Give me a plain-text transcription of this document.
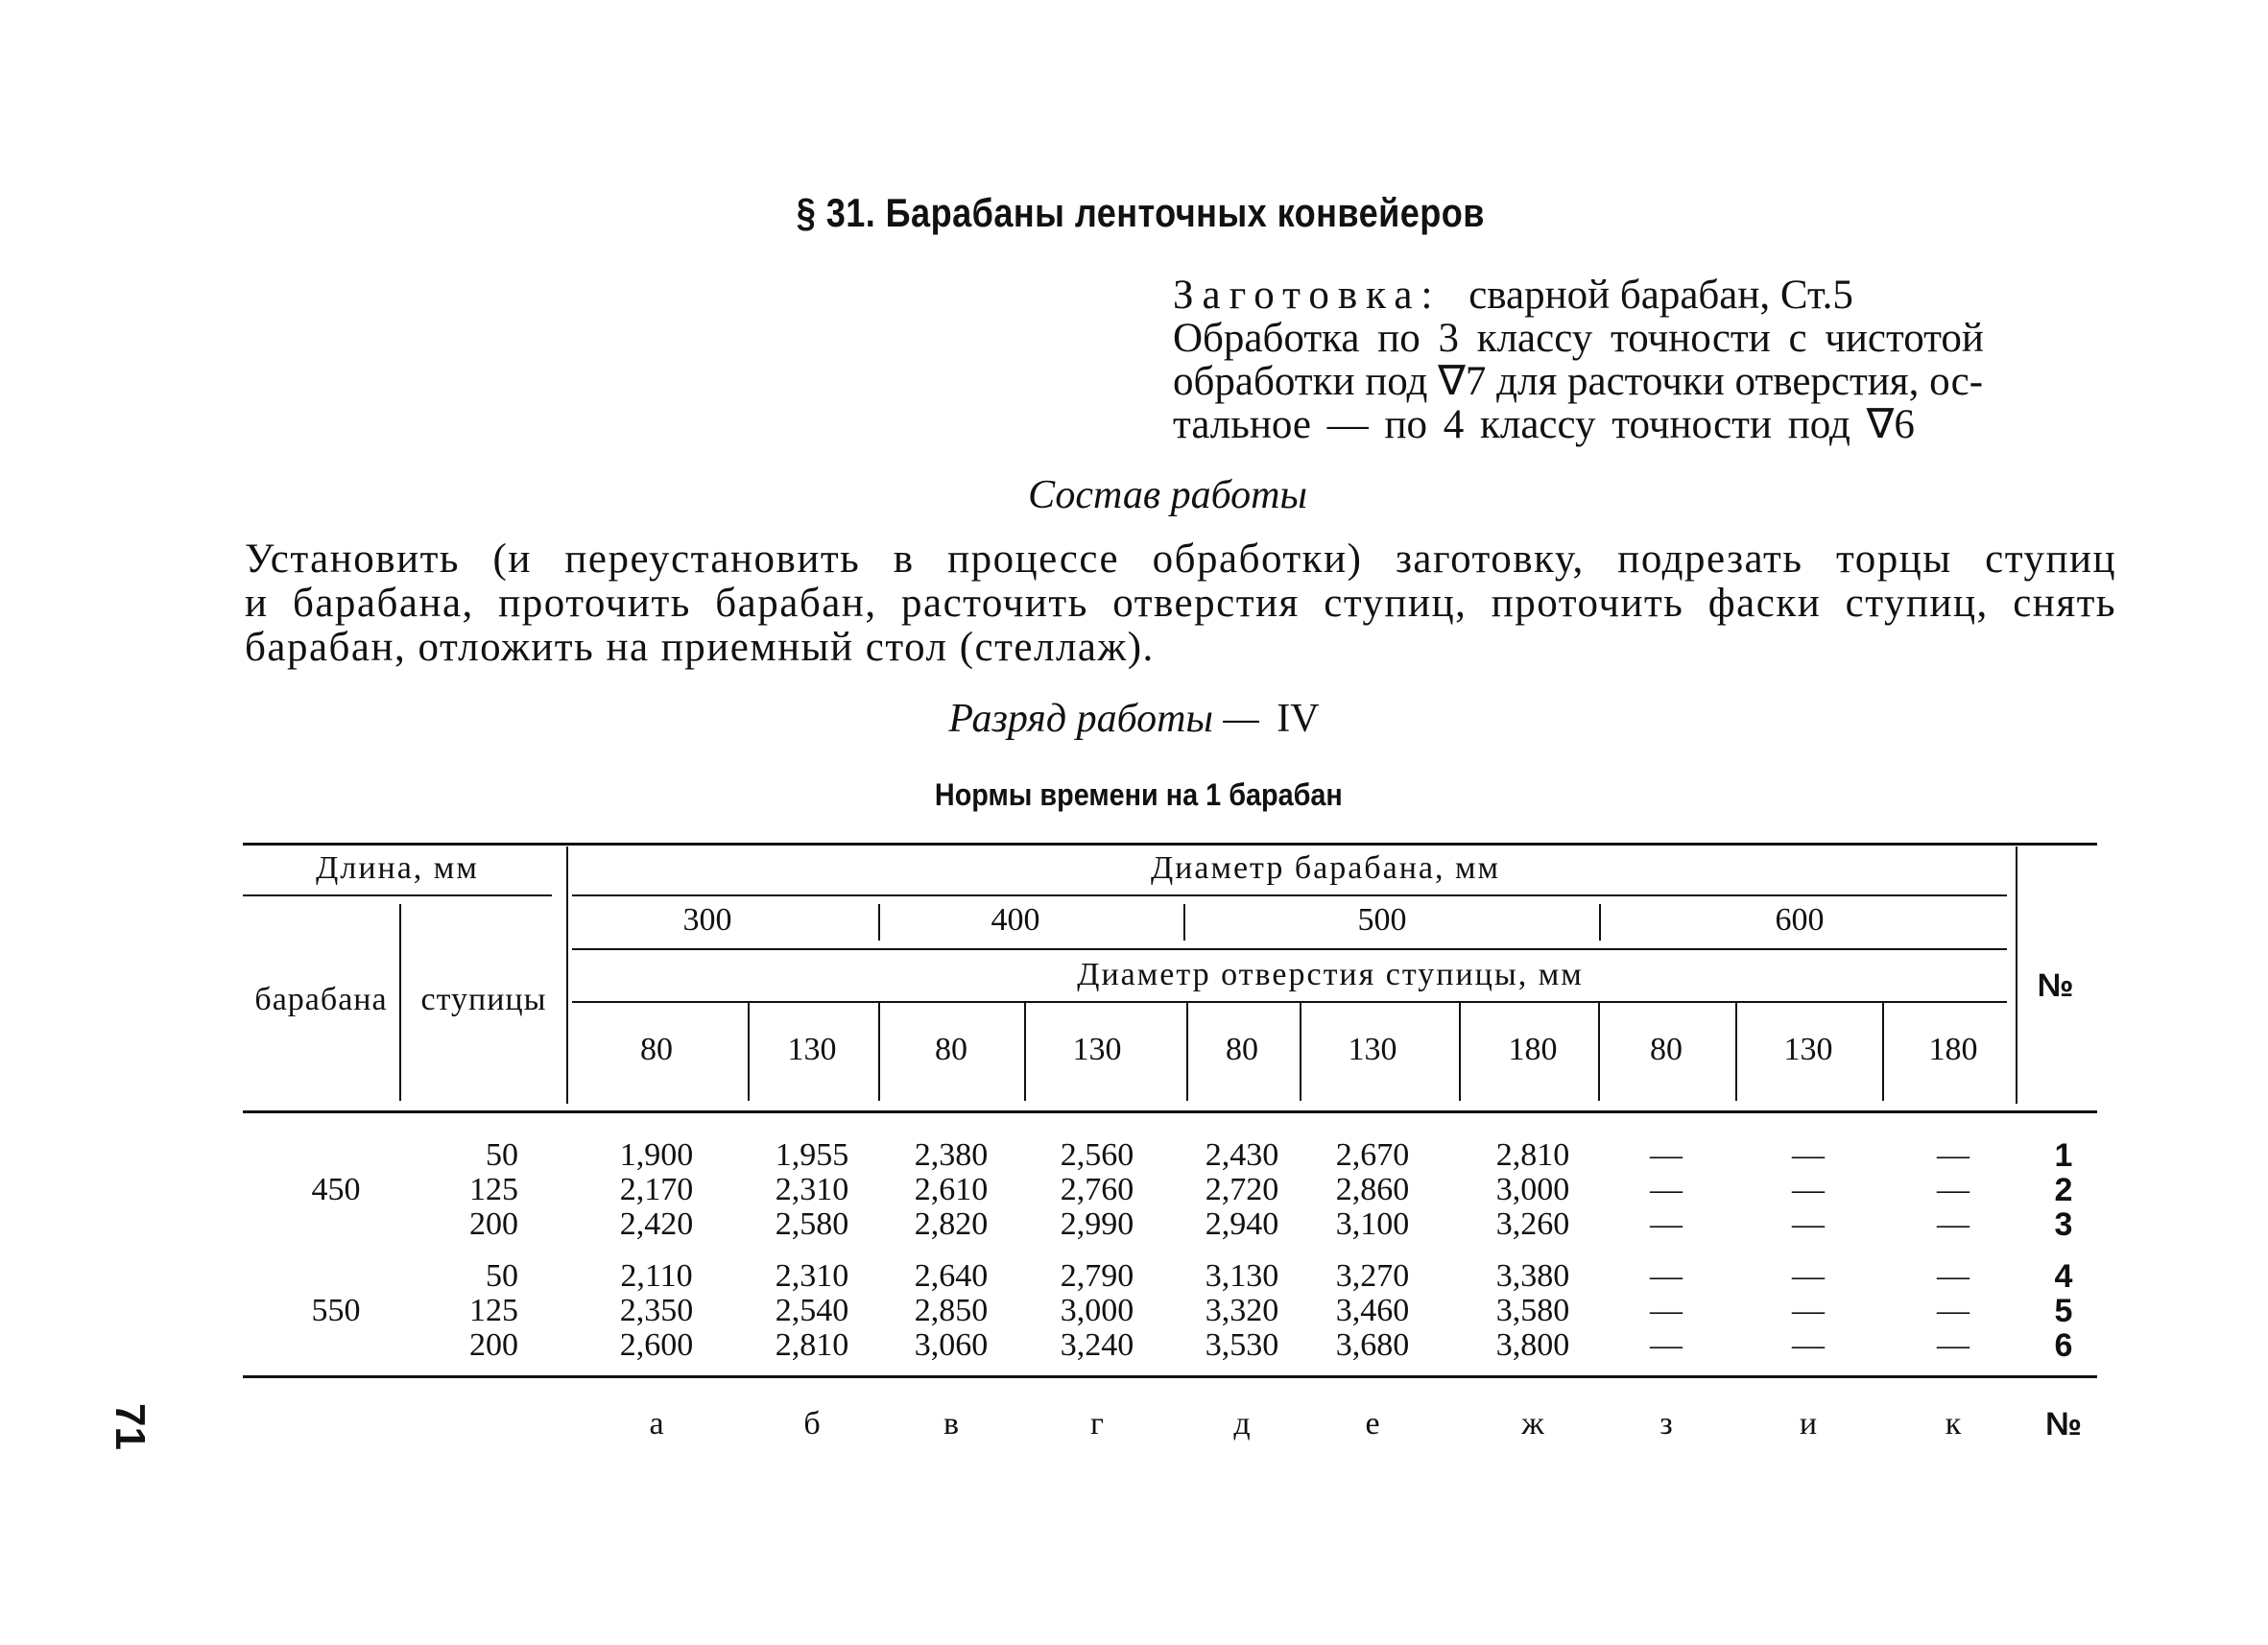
§ 31. Барабаны ленточных конвейеров
Заготовка: сварной барабан, Ст.5
Обработка по 3 классу точности с чистотой
обработки под ∇7 для расточки отверстия, ос-
тальное — по 4 классу точности под ∇6
Состав работы
Установить (и переустановить в процессе обработки) заготовку, подрезать торцы ступиц
и барабана, проточить барабан, расточить отверстия ступиц, проточить фаски ступиц, снять
барабан, отложить на приемный стол (стеллаж).
Разряд работы — IV
Нормы времени на 1 барабан
Длина, мм
барабана	ступицы
Диаметр барабана, мм
Диаметр отверстия ступицы, мм	№
300	400	500	600
80	130	80	130	80	130	180	80	130	180
450
50	1,900	1,955	2,380	2,560	2,430	2,670	2,810	—	—	—	1
125	2,170	2,310	2,610	2,760	2,720	2,860	3,000	—	—	—	2
200	2,420	2,580	2,820	2,990	2,940	3,100	3,260	—	—	—	3
550
50	2,110	2,310	2,640	2,790	3,130	3,270	3,380	—	—	—	4
125	2,350	2,540	2,850	3,000	3,320	3,460	3,580	—	—	—	5
200	2,600	2,810	3,060	3,240	3,530	3,680	3,800	—	—	—	6
а	б	в	г	д	е	ж	з	и	к	№
71
